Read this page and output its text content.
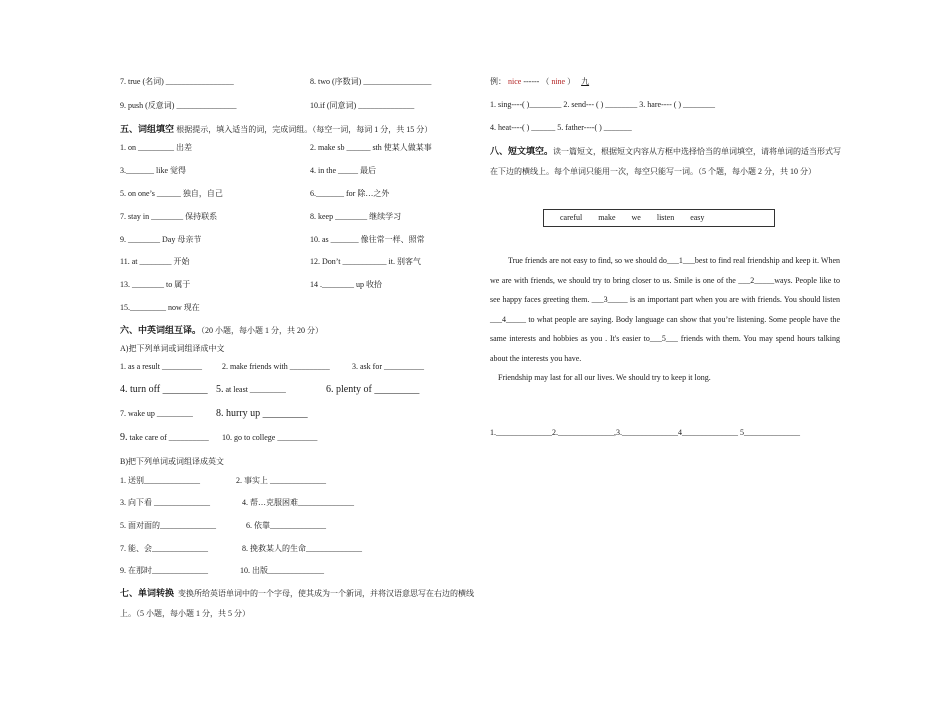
7. true (名词) _________________	8. two (序数词) _________________
9. push (反意词) _______________	10.if (同意词) ______________
五、词组填空 根据提示，填入适当的词，完成词组。（每空一词，每词 1 分，共 15 分）
1. on _________ 出差	2. make sb ______ sth 使某人做某事
3._______ like 觉得	4. in the _____ 最后
5. on one’s ______ 独自，自己	6._______ for 除…之外
7. stay in ________ 保持联系	8. keep ________ 继续学习
9. ________ Day 母亲节	10. as _______ 像往常一样、照常
11. at ________ 开始	12. Don’t ___________ it. 别客气
13. ________ to 属于	14 .________ up 收拾
15._________ now 现在
六、中英词组互译。（20 小题，每小题 1 分，共 20 分）
A)把下列单词或词组译成中文
1. as a result __________	2. make friends with __________	3. ask for __________
4. turn off _________ 5. at least _________	6. plenty of _________
7. wake up _________ 8. hurry up _________
9. take care of __________ 10. go to college __________
B)把下列单词或词组译成英文
1. 送别______________	2. 事实上 ______________
3. 向下看 ______________	4. 帮…克服困难______________
5. 面对面的______________	6. 依靠______________
7. 能、会______________	8. 挽救某人的生命______________
9. 在那时______________	10. 出版______________
七、单词转换 变换所给英语单词中的一个字母，使其成为一个新词，并将汉语意思写在右边的横线上。（5 小题，每小题 1 分，共 5 分）
例： nice ------ （ nine ） 九
1. sing----( )________ 2. send--- ( ) ________ 3. hare---- ( ) ________
4. heat----( ) ______ 5. father----( ) _______
八、短文填空。读一篇短文，根据短文内容从方框中选择恰当的单词填空，请将单词的适当形式写在下边的横线上。每个单词只能用一次，每空只能写一词。（5 个题，每小题 2 分，共 10 分）
careful make we listen easy

True friends are not easy to find, so we should do___1___best to find real friendship and keep it. When we are with friends, we should try to bring closer to us. Smile is one of the ___2_____ways. People like to see happy faces greeting them. ___3_____ is an important part when you are with friends. You should listen ___4_____ to what people are saying. Body language can show that you’re listening. Some people have the same interests and hobbies as you . It's easier to___5___ friends with them. You may spend hours talking about the interests you have.

Friendship may last for all our lives. We should try to keep it long.

1.______________2.______________,3.______________4______________ 5______________
